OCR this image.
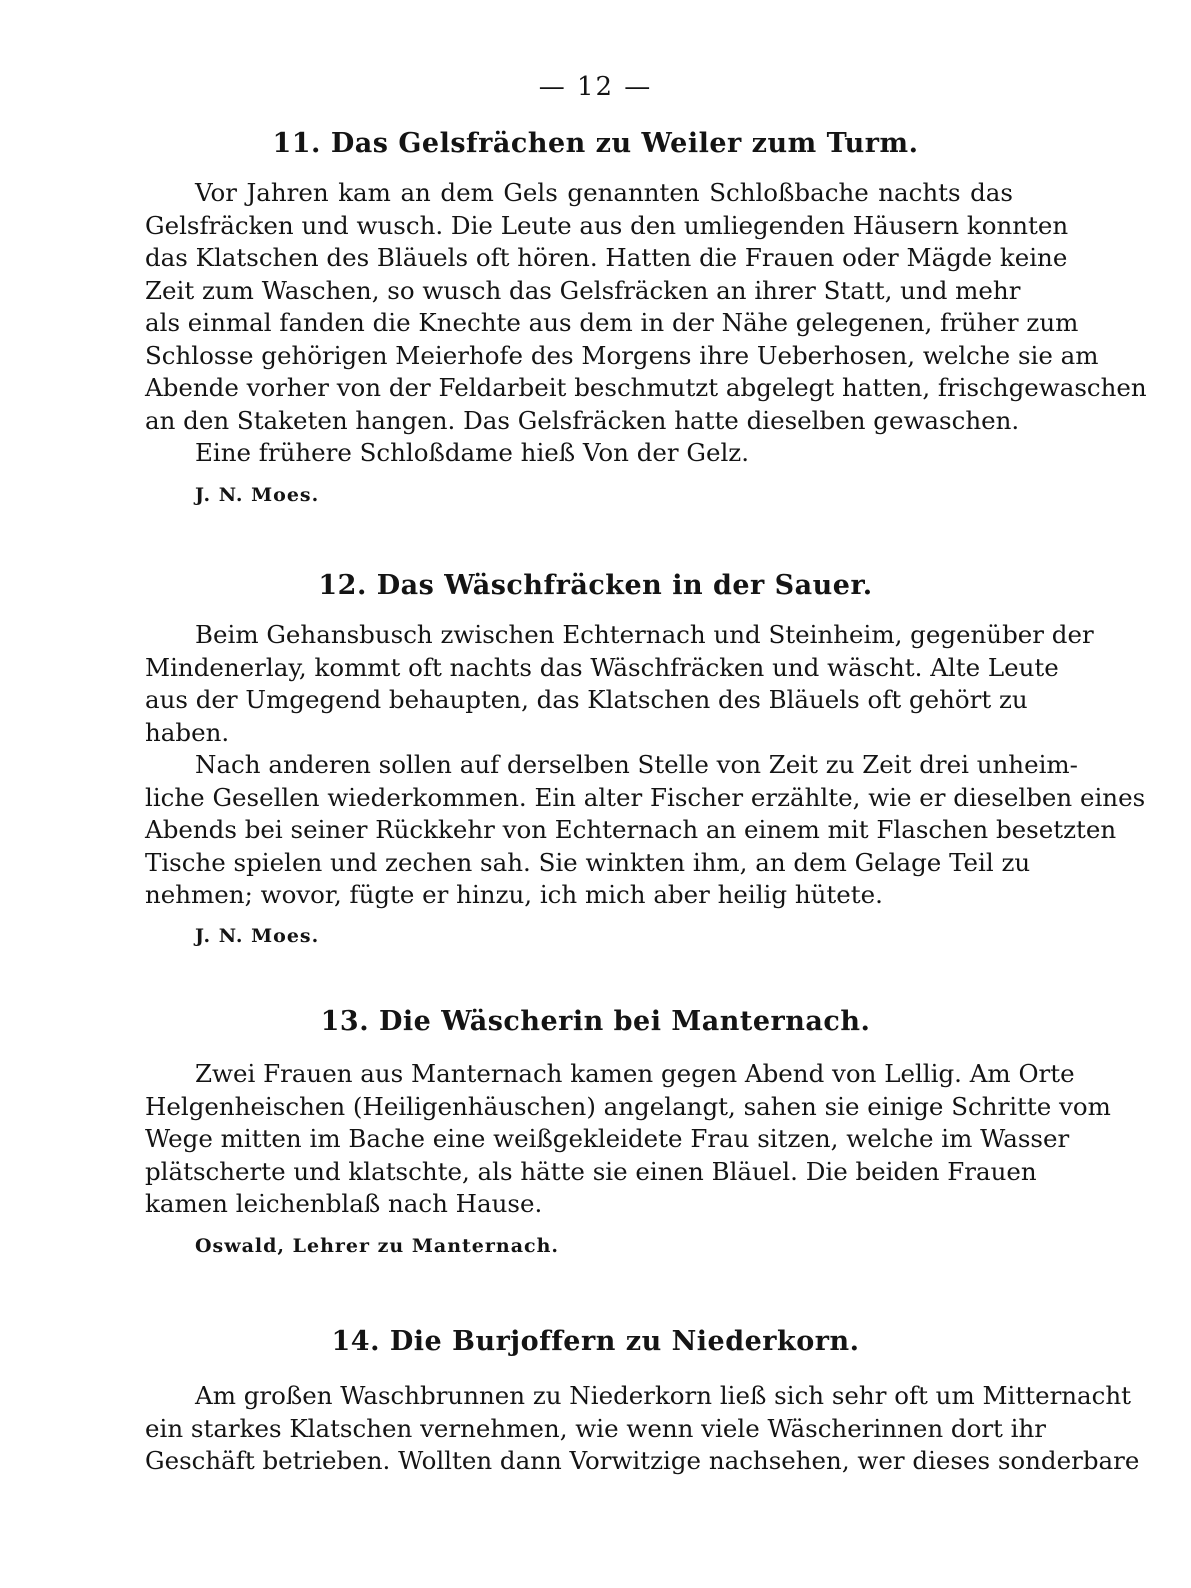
— 12 —
11. Das Gelsfrächen zu Weiler zum Turm.
Vor Jahren kam an dem Gels genannten Schloßbache nachts das
Gelsfräcken und wusch. Die Leute aus den umliegenden Häusern konnten
das Klatschen des Bläuels oft hören. Hatten die Frauen oder Mägde keine
Zeit zum Waschen, so wusch das Gelsfräcken an ihrer Statt, und mehr
als einmal fanden die Knechte aus dem in der Nähe gelegenen, früher zum
Schlosse gehörigen Meierhofe des Morgens ihre Ueberhosen, welche sie am
Abende vorher von der Feldarbeit beschmutzt abgelegt hatten, frischgewaschen
an den Staketen hangen. Das Gelsfräcken hatte dieselben gewaschen.
Eine frühere Schloßdame hieß Von der Gelz.
J. N. Moes.
12. Das Wäschfräcken in der Sauer.
Beim Gehansbusch zwischen Echternach und Steinheim, gegenüber der
Mindenerlay, kommt oft nachts das Wäschfräcken und wäscht. Alte Leute
aus der Umgegend behaupten, das Klatschen des Bläuels oft gehört zu
haben.
Nach anderen sollen auf derselben Stelle von Zeit zu Zeit drei unheim-
liche Gesellen wiederkommen. Ein alter Fischer erzählte, wie er dieselben eines
Abends bei seiner Rückkehr von Echternach an einem mit Flaschen besetzten
Tische spielen und zechen sah. Sie winkten ihm, an dem Gelage Teil zu
nehmen; wovor, fügte er hinzu, ich mich aber heilig hütete.
J. N. Moes.
13. Die Wäscherin bei Manternach.
Zwei Frauen aus Manternach kamen gegen Abend von Lellig. Am Orte
Helgenheischen (Heiligenhäuschen) angelangt, sahen sie einige Schritte vom
Wege mitten im Bache eine weißgekleidete Frau sitzen, welche im Wasser
plätscherte und klatschte, als hätte sie einen Bläuel. Die beiden Frauen
kamen leichenblaß nach Hause.
Oswald, Lehrer zu Manternach.
14. Die Burjoffern zu Niederkorn.
Am großen Waschbrunnen zu Niederkorn ließ sich sehr oft um Mitternacht
ein starkes Klatschen vernehmen, wie wenn viele Wäscherinnen dort ihr
Geschäft betrieben. Wollten dann Vorwitzige nachsehen, wer dieses sonderbare
